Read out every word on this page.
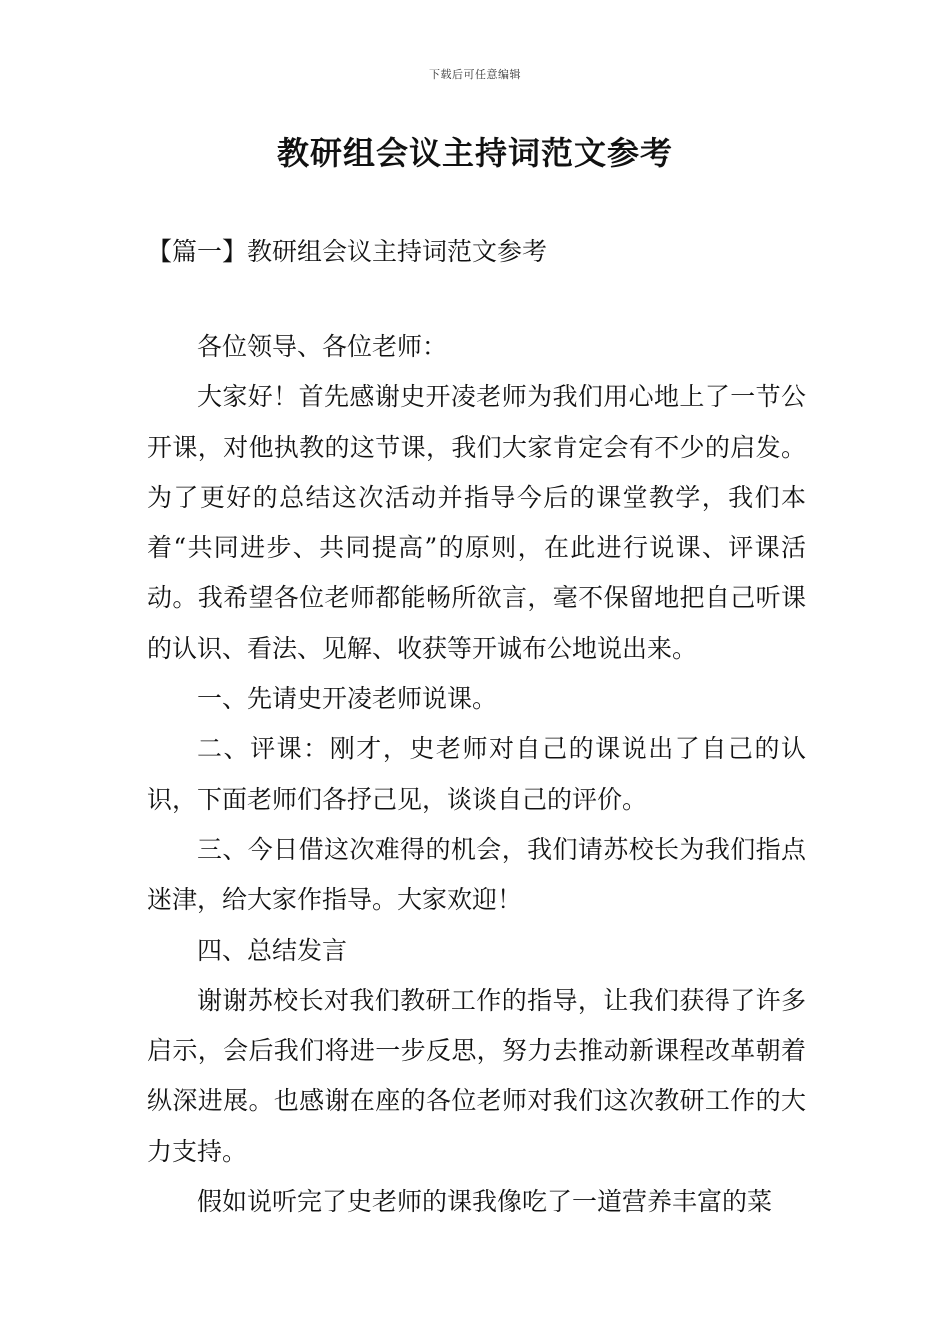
下载后可任意编辑
教研组会议主持词范文参考
【篇一】教研组会议主持词范文参考

各位领导、各位老师：

大家好！首先感谢史开凌老师为我们用心地上了一节公开课，对他执教的这节课，我们大家肯定会有不少的启发。为了更好的总结这次活动并指导今后的课堂教学，我们本着“共同进步、共同提高”的原则，在此进行说课、评课活动。我希望各位老师都能畅所欲言，毫不保留地把自己听课的认识、看法、见解、收获等开诚布公地说出来。

一、先请史开凌老师说课。

二、评课：刚才，史老师对自己的课说出了自己的认识，下面老师们各抒己见，谈谈自己的评价。

三、今日借这次难得的机会，我们请苏校长为我们指点迷津，给大家作指导。大家欢迎！

四、总结发言

谢谢苏校长对我们教研工作的指导，让我们获得了许多启示，会后我们将进一步反思，努力去推动新课程改革朝着纵深进展。也感谢在座的各位老师对我们这次教研工作的大力支持。

假如说听完了史老师的课我像吃了一道营养丰富的菜
